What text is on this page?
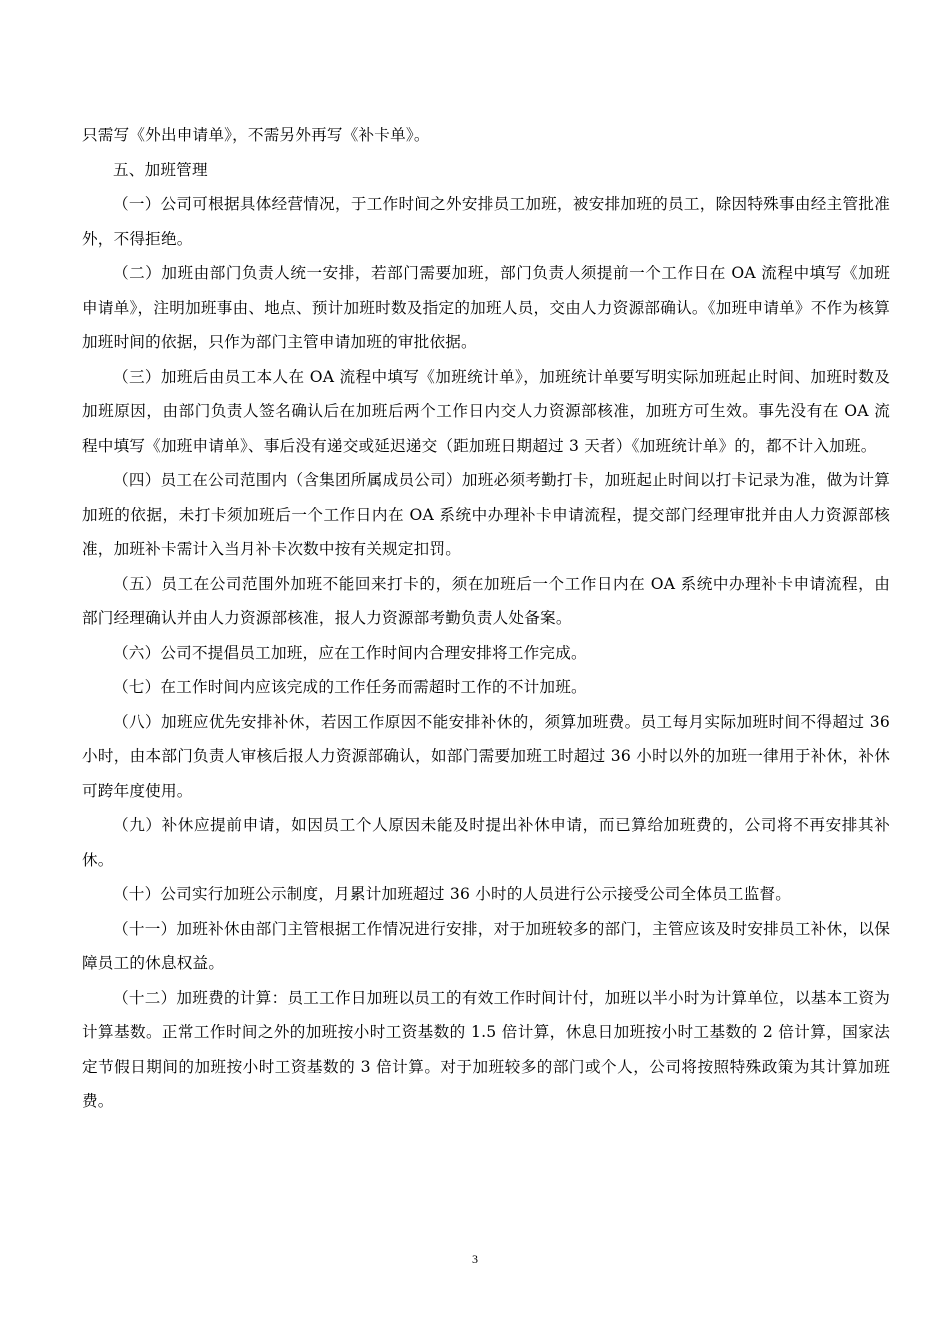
只需写《外出申请单》，不需另外再写《补卡单》。

五、加班管理

（一）公司可根据具体经营情况，于工作时间之外安排员工加班，被安排加班的员工，除因特殊事由经主管批准外，不得拒绝。

（二）加班由部门负责人统一安排，若部门需要加班，部门负责人须提前一个工作日在 OA 流程中填写《加班申请单》，注明加班事由、地点、预计加班时数及指定的加班人员，交由人力资源部确认。《加班申请单》不作为核算加班时间的依据，只作为部门主管申请加班的审批依据。

（三）加班后由员工本人在 OA 流程中填写《加班统计单》，加班统计单要写明实际加班起止时间、加班时数及加班原因，由部门负责人签名确认后在加班后两个工作日内交人力资源部核准，加班方可生效。事先没有在 OA 流程中填写《加班申请单》、事后没有递交或延迟递交（距加班日期超过 3 天者）《加班统计单》的，都不计入加班。

（四）员工在公司范围内（含集团所属成员公司）加班必须考勤打卡，加班起止时间以打卡记录为准，做为计算加班的依据，未打卡须加班后一个工作日内在 OA 系统中办理补卡申请流程，提交部门经理审批并由人力资源部核准，加班补卡需计入当月补卡次数中按有关规定扣罚。

（五）员工在公司范围外加班不能回来打卡的，须在加班后一个工作日内在 OA 系统中办理补卡申请流程，由部门经理确认并由人力资源部核准，报人力资源部考勤负责人处备案。

（六）公司不提倡员工加班，应在工作时间内合理安排将工作完成。

（七）在工作时间内应该完成的工作任务而需超时工作的不计加班。

（八）加班应优先安排补休，若因工作原因不能安排补休的，须算加班费。员工每月实际加班时间不得超过 36 小时，由本部门负责人审核后报人力资源部确认，如部门需要加班工时超过 36 小时以外的加班一律用于补休，补休可跨年度使用。

（九）补休应提前申请，如因员工个人原因未能及时提出补休申请，而已算给加班费的，公司将不再安排其补休。

（十）公司实行加班公示制度，月累计加班超过 36 小时的人员进行公示接受公司全体员工监督。

（十一）加班补休由部门主管根据工作情况进行安排，对于加班较多的部门，主管应该及时安排员工补休，以保障员工的休息权益。

（十二）加班费的计算：员工工作日加班以员工的有效工作时间计付，加班以半小时为计算单位，以基本工资为计算基数。正常工作时间之外的加班按小时工资基数的 1.5 倍计算，休息日加班按小时工基数的 2 倍计算，国家法定节假日期间的加班按小时工资基数的 3 倍计算。对于加班较多的部门或个人，公司将按照特殊政策为其计算加班费。

3
